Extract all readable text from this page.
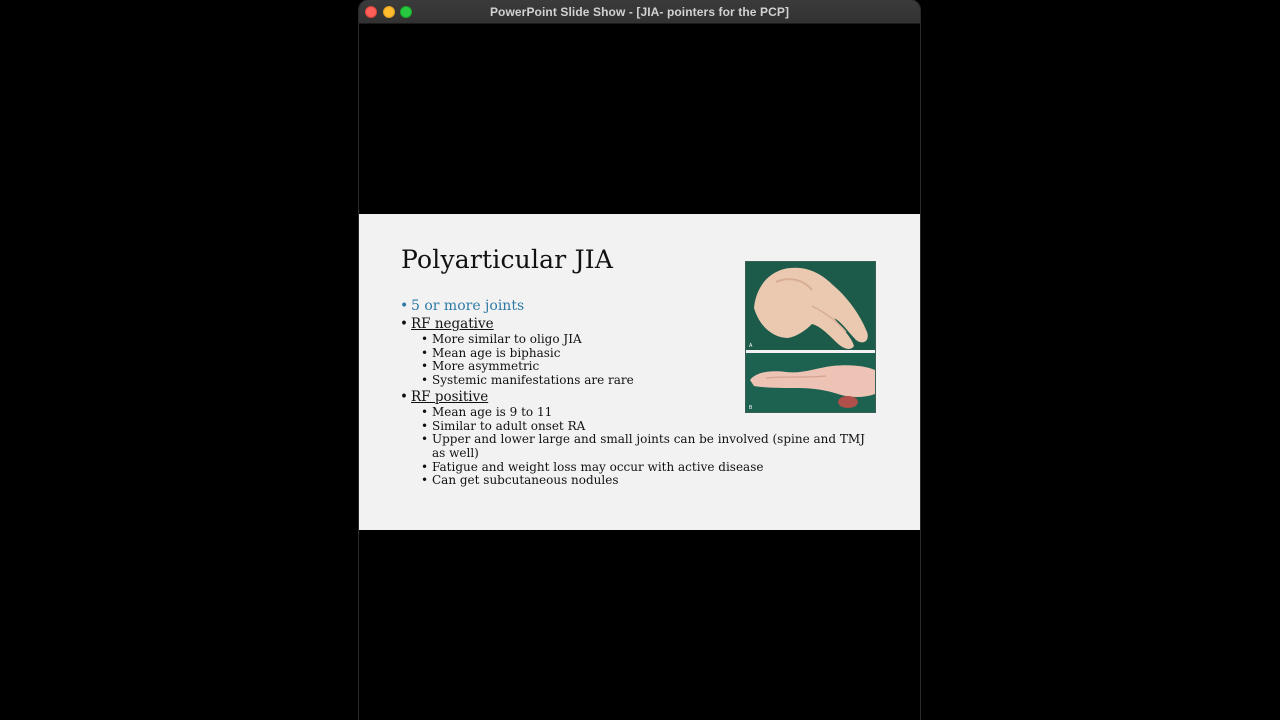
PowerPoint Slide Show - [JIA- pointers for the PCP]
Polyarticular JIA
• 5 or more joints
• RF negative
• More similar to oligo JIA
• Mean age is biphasic
• More asymmetric
• Systemic manifestations are rare
• RF positive
• Mean age is 9 to 11
• Similar to adult onset RA
• Upper and lower large and small joints can be involved (spine and TMJ as well)
• Fatigue and weight loss may occur with active disease
• Can get subcutaneous nodules
A
B
